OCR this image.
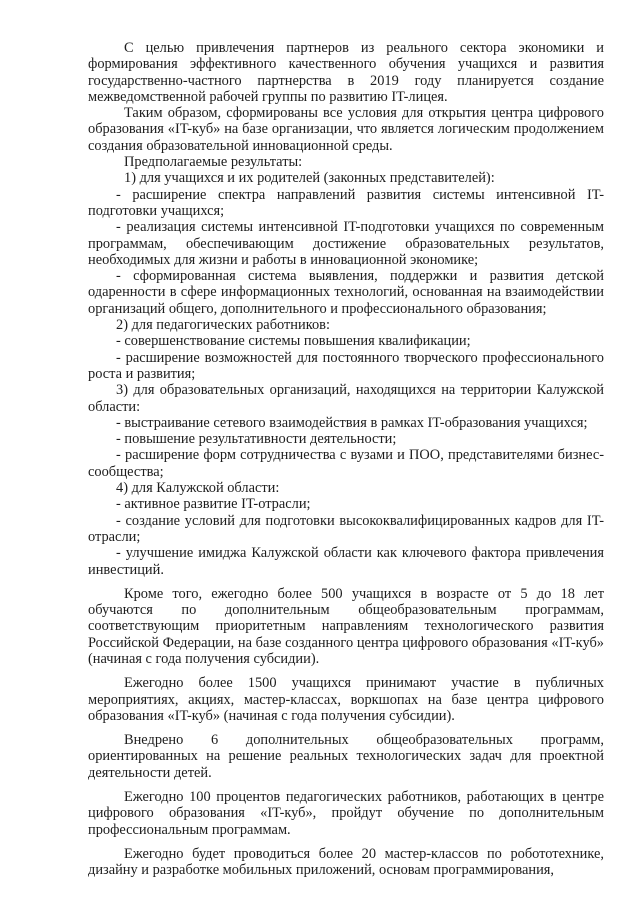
С целью привлечения партнеров из реального сектора экономики и формирования эффективного качественного обучения учащихся и развития государственно-частного партнерства в 2019 году планируется создание межведомственной рабочей группы по развитию IT-лицея.

Таким образом, сформированы все условия для открытия центра цифрового образования «IT-куб» на базе организации, что является логическим продолжением создания образовательной инновационной среды.

Предполагаемые результаты:

1) для учащихся и их родителей (законных представителей):

- расширение спектра направлений развития системы интенсивной IT-подготовки учащихся;

- реализация системы интенсивной IT-подготовки учащихся по современным программам, обеспечивающим достижение образовательных результатов, необходимых для жизни и работы в инновационной экономике;

- сформированная система выявления, поддержки и развития детской одаренности в сфере информационных технологий, основанная на взаимодействии организаций общего, дополнительного и профессионального образования;

2) для педагогических работников:

- совершенствование системы повышения квалификации;

- расширение возможностей для постоянного творческого профессионального роста и развития;

3) для образовательных организаций, находящихся на территории Калужской области:

- выстраивание сетевого взаимодействия в рамках IT-образования учащихся;

- повышение результативности деятельности;

- расширение форм сотрудничества с вузами и ПОО, представителями бизнес-сообщества;

4) для Калужской области:

- активное развитие IT-отрасли;

- создание условий для подготовки высококвалифицированных кадров для IT-отрасли;

- улучшение имиджа Калужской области как ключевого фактора привлечения инвестиций.

Кроме того, ежегодно более 500 учащихся в возрасте от 5 до 18 лет обучаются по дополнительным общеобразовательным программам, соответствующим приоритетным направлениям технологического развития Российской Федерации, на базе созданного центра цифрового образования «IT-куб» (начиная с года получения субсидии).

Ежегодно более 1500 учащихся принимают участие в публичных мероприятиях, акциях, мастер-классах, воркшопах на базе центра цифрового образования «IT-куб» (начиная с года получения субсидии).

Внедрено 6 дополнительных общеобразовательных программ, ориентированных на решение реальных технологических задач для проектной деятельности детей.

Ежегодно 100 процентов педагогических работников, работающих в центре цифрового образования «IT-куб», пройдут обучение по дополнительным профессиональным программам.

Ежегодно будет проводиться более 20 мастер-классов по робототехнике, дизайну и разработке мобильных приложений, основам программирования,
